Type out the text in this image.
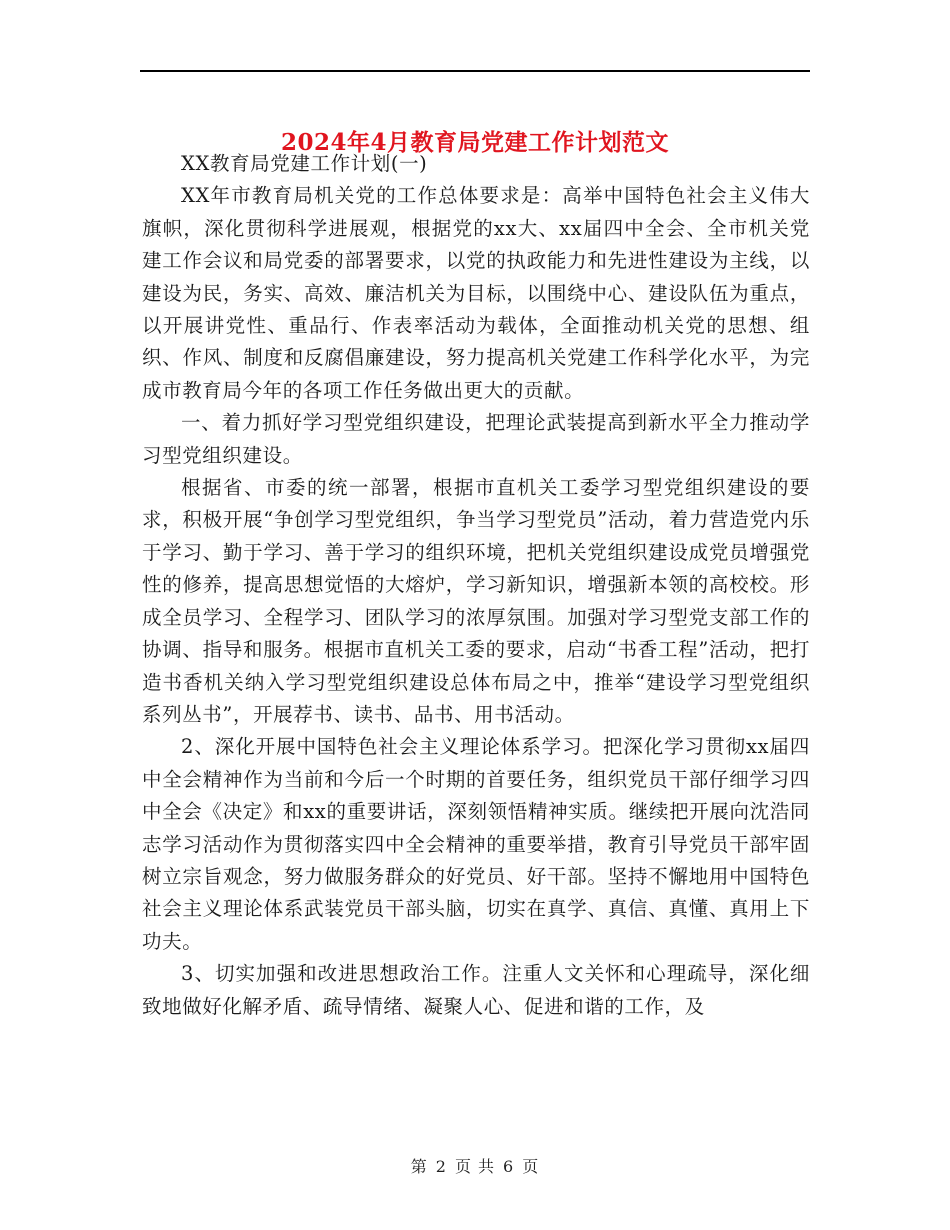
2024年4月教育局党建工作计划范文

XX教育局党建工作计划(一)

XX年市教育局机关党的工作总体要求是：高举中国特色社会主义伟大旗帜，深化贯彻科学进展观，根据党的xx大、xx届四中全会、全市机关党建工作会议和局党委的部署要求，以党的执政能力和先进性建设为主线，以建设为民，务实、高效、廉洁机关为目标，以围绕中心、建设队伍为重点，以开展讲党性、重品行、作表率活动为载体，全面推动机关党的思想、组织、作风、制度和反腐倡廉建设，努力提高机关党建工作科学化水平，为完成市教育局今年的各项工作任务做出更大的贡献。

一、着力抓好学习型党组织建设，把理论武装提高到新水平全力推动学习型党组织建设。

根据省、市委的统一部署，根据市直机关工委学习型党组织建设的要求，积极开展“争创学习型党组织，争当学习型党员”活动，着力营造党内乐于学习、勤于学习、善于学习的组织环境，把机关党组织建设成党员增强党性的修养，提高思想觉悟的大熔炉，学习新知识，增强新本领的高校校。形成全员学习、全程学习、团队学习的浓厚氛围。加强对学习型党支部工作的协调、指导和服务。根据市直机关工委的要求，启动“书香工程”活动，把打造书香机关纳入学习型党组织建设总体布局之中，推举“建设学习型党组织系列丛书”，开展荐书、读书、品书、用书活动。

2、深化开展中国特色社会主义理论体系学习。把深化学习贯彻xx届四中全会精神作为当前和今后一个时期的首要任务，组织党员干部仔细学习四中全会《决定》和xx的重要讲话，深刻领悟精神实质。继续把开展向沈浩同志学习活动作为贯彻落实四中全会精神的重要举措，教育引导党员干部牢固树立宗旨观念，努力做服务群众的好党员、好干部。坚持不懈地用中国特色社会主义理论体系武装党员干部头脑，切实在真学、真信、真懂、真用上下功夫。

3、切实加强和改进思想政治工作。注重人文关怀和心理疏导，深化细致地做好化解矛盾、疏导情绪、凝聚人心、促进和谐的工作，及

第 2 页 共 6 页
